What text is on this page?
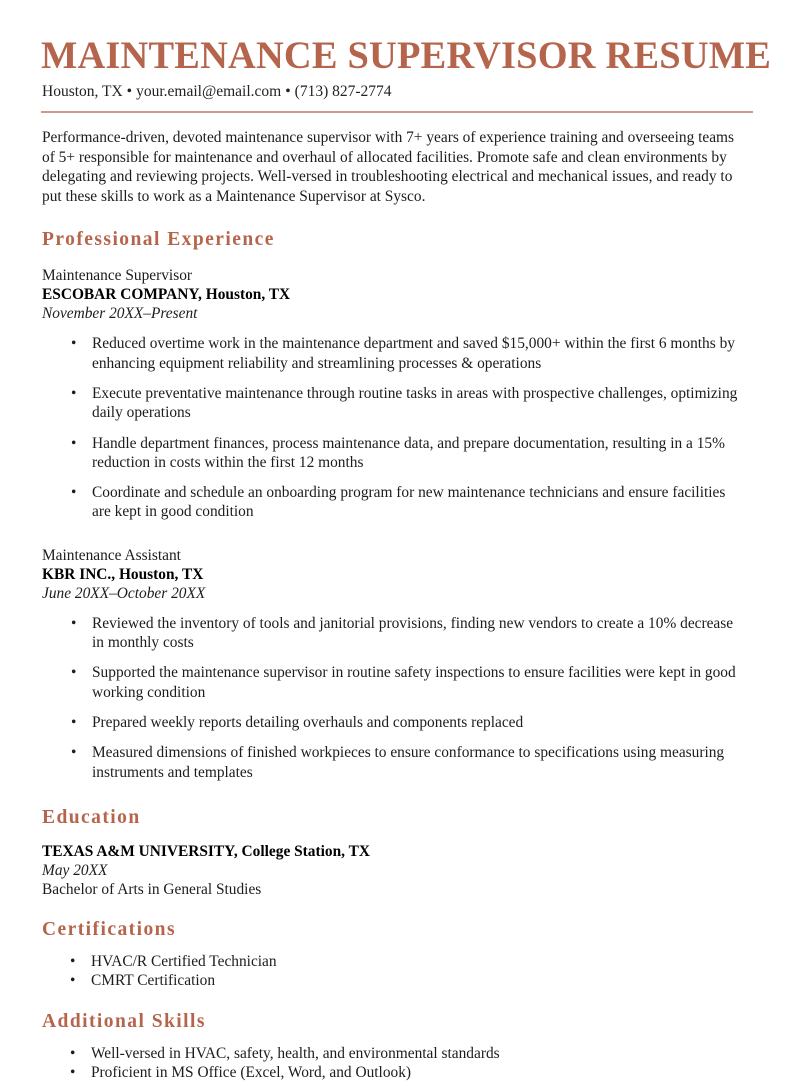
MAINTENANCE SUPERVISOR RESUME
Houston, TX • your.email@email.com • (713) 827-2774

Performance-driven, devoted maintenance supervisor with 7+ years of experience training and overseeing teams of 5+ responsible for maintenance and overhaul of allocated facilities. Promote safe and clean environments by delegating and reviewing projects. Well-versed in troubleshooting electrical and mechanical issues, and ready to put these skills to work as a Maintenance Supervisor at Sysco.

Professional Experience
Maintenance Supervisor
ESCOBAR COMPANY, Houston, TX
November 20XX–Present
• Reduced overtime work in the maintenance department and saved $15,000+ within the first 6 months by enhancing equipment reliability and streamlining processes & operations
• Execute preventative maintenance through routine tasks in areas with prospective challenges, optimizing daily operations
• Handle department finances, process maintenance data, and prepare documentation, resulting in a 15% reduction in costs within the first 12 months
• Coordinate and schedule an onboarding program for new maintenance technicians and ensure facilities are kept in good condition
Maintenance Assistant
KBR INC., Houston, TX
June 20XX–October 20XX
• Reviewed the inventory of tools and janitorial provisions, finding new vendors to create a 10% decrease in monthly costs
• Supported the maintenance supervisor in routine safety inspections to ensure facilities were kept in good working condition
• Prepared weekly reports detailing overhauls and components replaced
• Measured dimensions of finished workpieces to ensure conformance to specifications using measuring instruments and templates
Education
TEXAS A&M UNIVERSITY, College Station, TX
May 20XX
Bachelor of Arts in General Studies
Certifications
• HVAC/R Certified Technician
• CMRT Certification
Additional Skills
• Well-versed in HVAC, safety, health, and environmental standards
• Proficient in MS Office (Excel, Word, and Outlook)
